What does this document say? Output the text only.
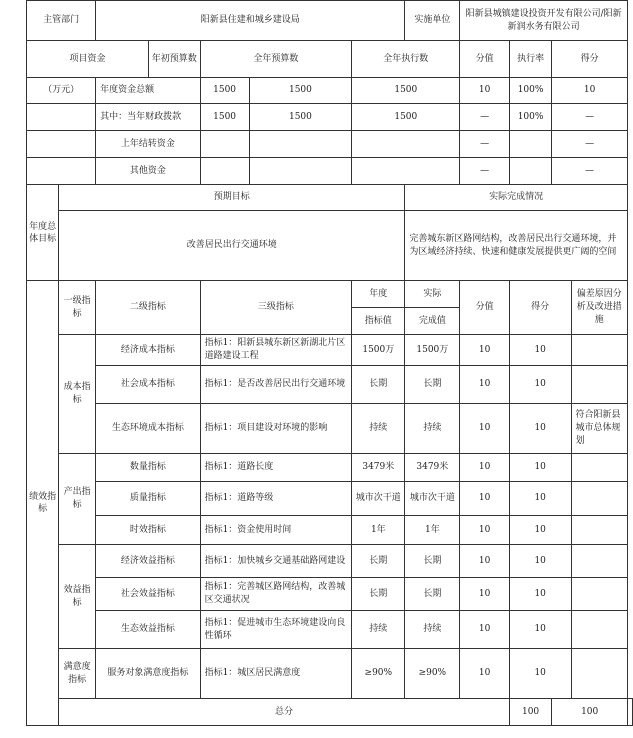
主管部门		阳新县住建和城乡建设局					实施单位	阳新县城镇建设投资开发有限公司/阳新新润水务有限公司				
项目资金			年初预算数	全年预算数		全年执行数		分值	执行率	得分		
（万元）		年度资金总额		1500	1500	1500		10	100%	10		
		其中：当年财政拨款		1500	1500	1500		—	100%	—		
		上年结转资金						—		—		
		其他资金						—		—		
年度总体目标	预期目标						实际完成情况					
	改善居民出行交通环境						完善城东新区路网结构，改善居民出行交通环境，并为区域经济持续、快速和健康发展提供更广阔的空间					
绩效指标	一级指标	二级指标		三级指标		年度	实际	分值	得分		偏差原因分析及改进措施	
						指标值	完成值					
	成本指标	经济成本指标		指标1：阳新县城东新区新湖北片区道路建设工程		1500万	1500万	10	10			
		社会成本指标		指标1：是否改善居民出行交通环境		长期	长期	10	10			
		生态环境成本指标		指标1：项目建设对环境的影响		持续	持续	10	10		符合阳新县城市总体规划	
	产出指标	数量指标		指标1：道路长度		3479米	3479米	10	10			
		质量指标		指标1：道路等级		城市次干道	城市次干道	10	10			
		时效指标		指标1：资金使用时间		1年	1年	10	10			
	效益指标	经济效益指标		指标1：加快城乡交通基础路网建设		长期	长期	10	10			
		社会效益指标		指标1：完善城区路网结构，改善城区交通状况		长期	长期	10	10			
		生态效益指标		指标1：促进城市生态环境建设向良性循环		持续	持续	10	10			
	满意度指标	服务对象满意度指标		指标1：城区居民满意度		≥90%	≥90%	10	10			
	总分								100	100		
